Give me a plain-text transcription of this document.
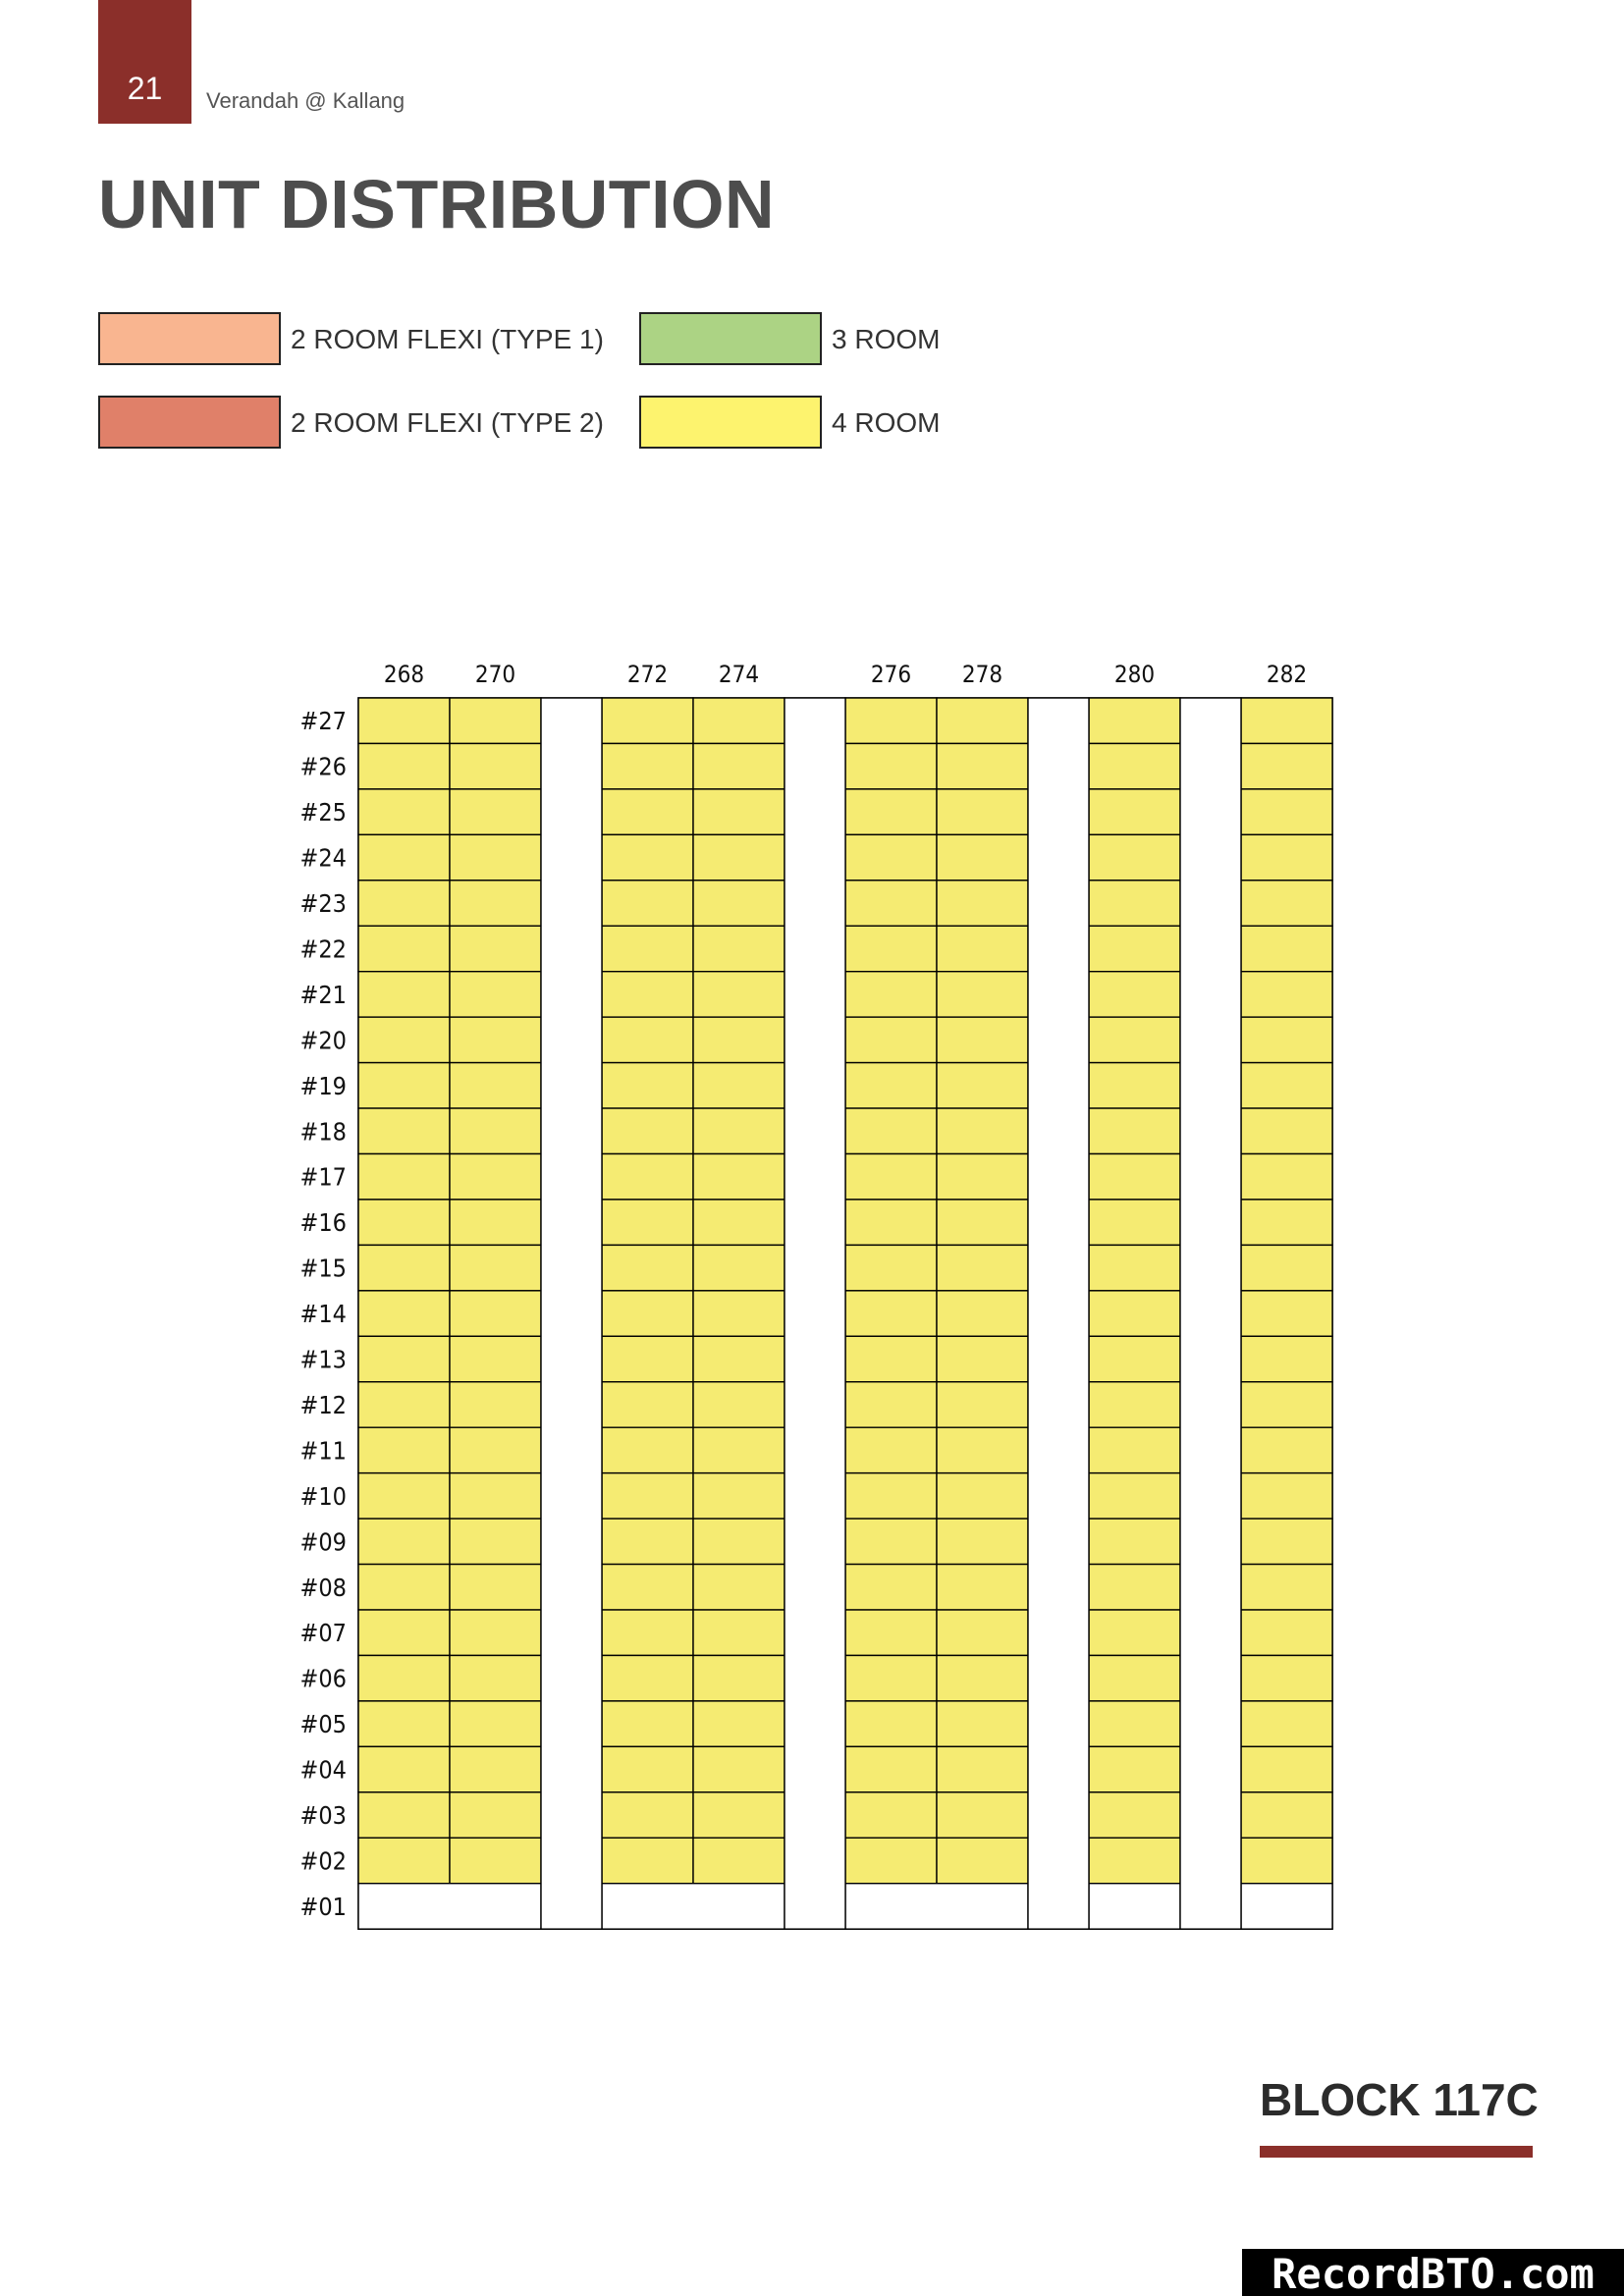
21	Verandah @ Kallang
UNIT DISTRIBUTION
2 ROOM FLEXI (TYPE 1)	3 ROOM
2 ROOM FLEXI (TYPE 2)	4 ROOM
268 270	272 274	276 278	280	282
#27
#26
#25
#24
#23
#22
#21
#20
#19
#18
#17
#16
#15
#14
#13
#12
#11
#10
#09
#08
#07
#06
#05
#04
#03
#02
#01
BLOCK 117C
RecordBTO.com
